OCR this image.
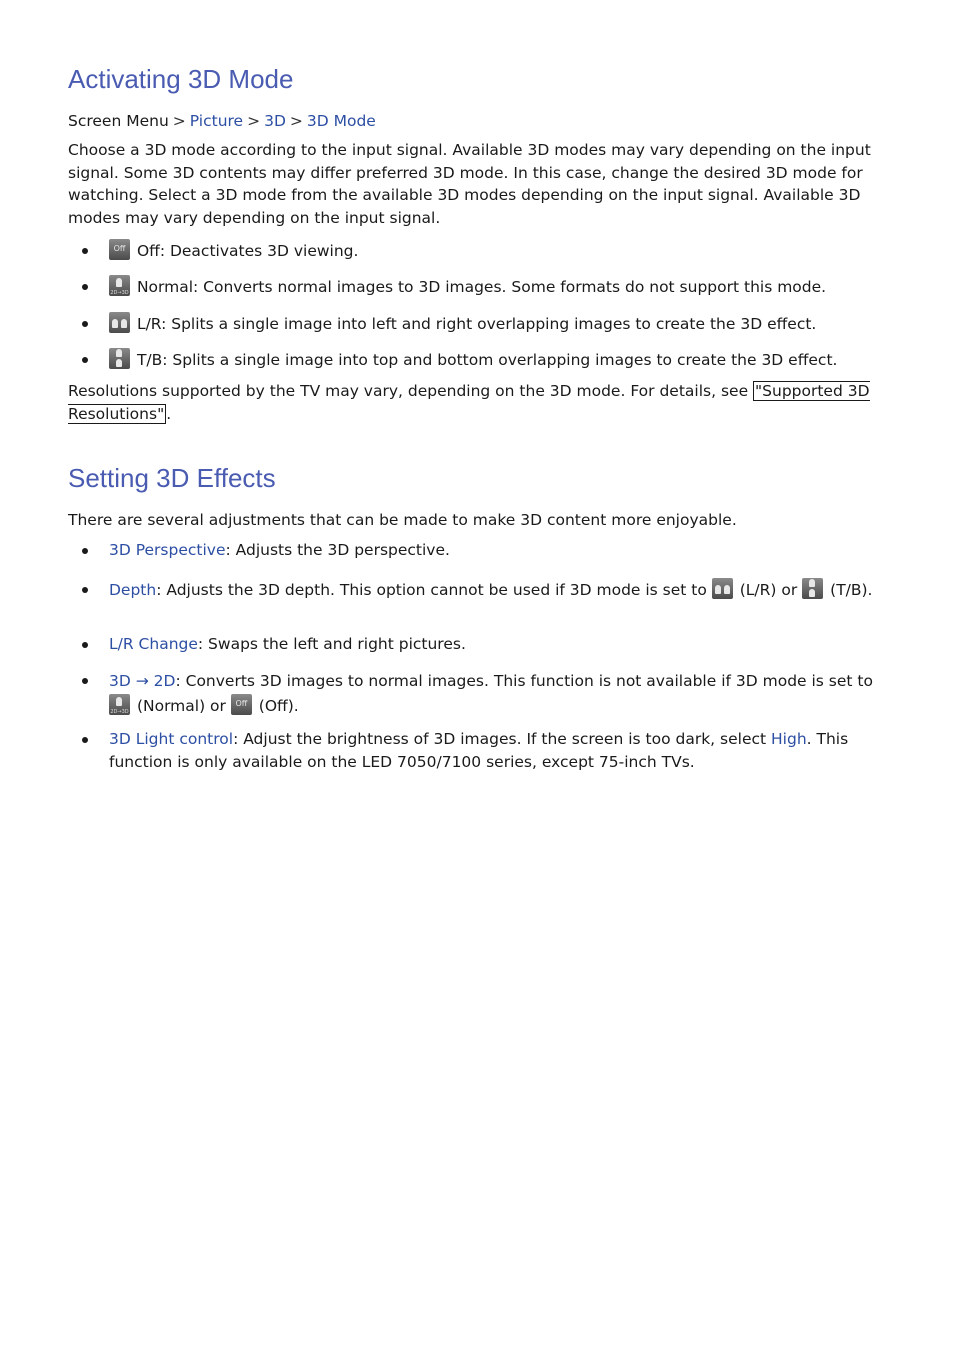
Activating 3D Mode
Screen Menu > Picture > 3D > 3D Mode

Choose a 3D mode according to the input signal. Available 3D modes may vary depending on the input signal. Some 3D contents may differ preferred 3D mode. In this case, change the desired 3D mode for watching. Select a 3D mode from the available 3D modes depending on the input signal. Available 3D modes may vary depending on the input signal.

Off Off: Deactivates 3D viewing.
2D→3D Normal: Converts normal images to 3D images. Some formats do not support this mode.
L/R: Splits a single image into left and right overlapping images to create the 3D effect.
T/B: Splits a single image into top and bottom overlapping images to create the 3D effect.

Resolutions supported by the TV may vary, depending on the 3D mode. For details, see "Supported 3D Resolutions" .

Setting 3D Effects

There are several adjustments that can be made to make 3D content more enjoyable.

3D Perspective: Adjusts the 3D perspective.
Depth: Adjusts the 3D depth. This option cannot be used if 3D mode is set to (L/R) or (T/B).
L/R Change: Swaps the left and right pictures.
3D → 2D: Converts 3D images to normal images. This function is not available if 3D mode is set to
2D→3D (Normal) or	Off (Off).
3D Light control: Adjust the brightness of 3D images. If the screen is too dark, select High. This function is only available on the LED 7050/7100 series, except 75-inch TVs.
